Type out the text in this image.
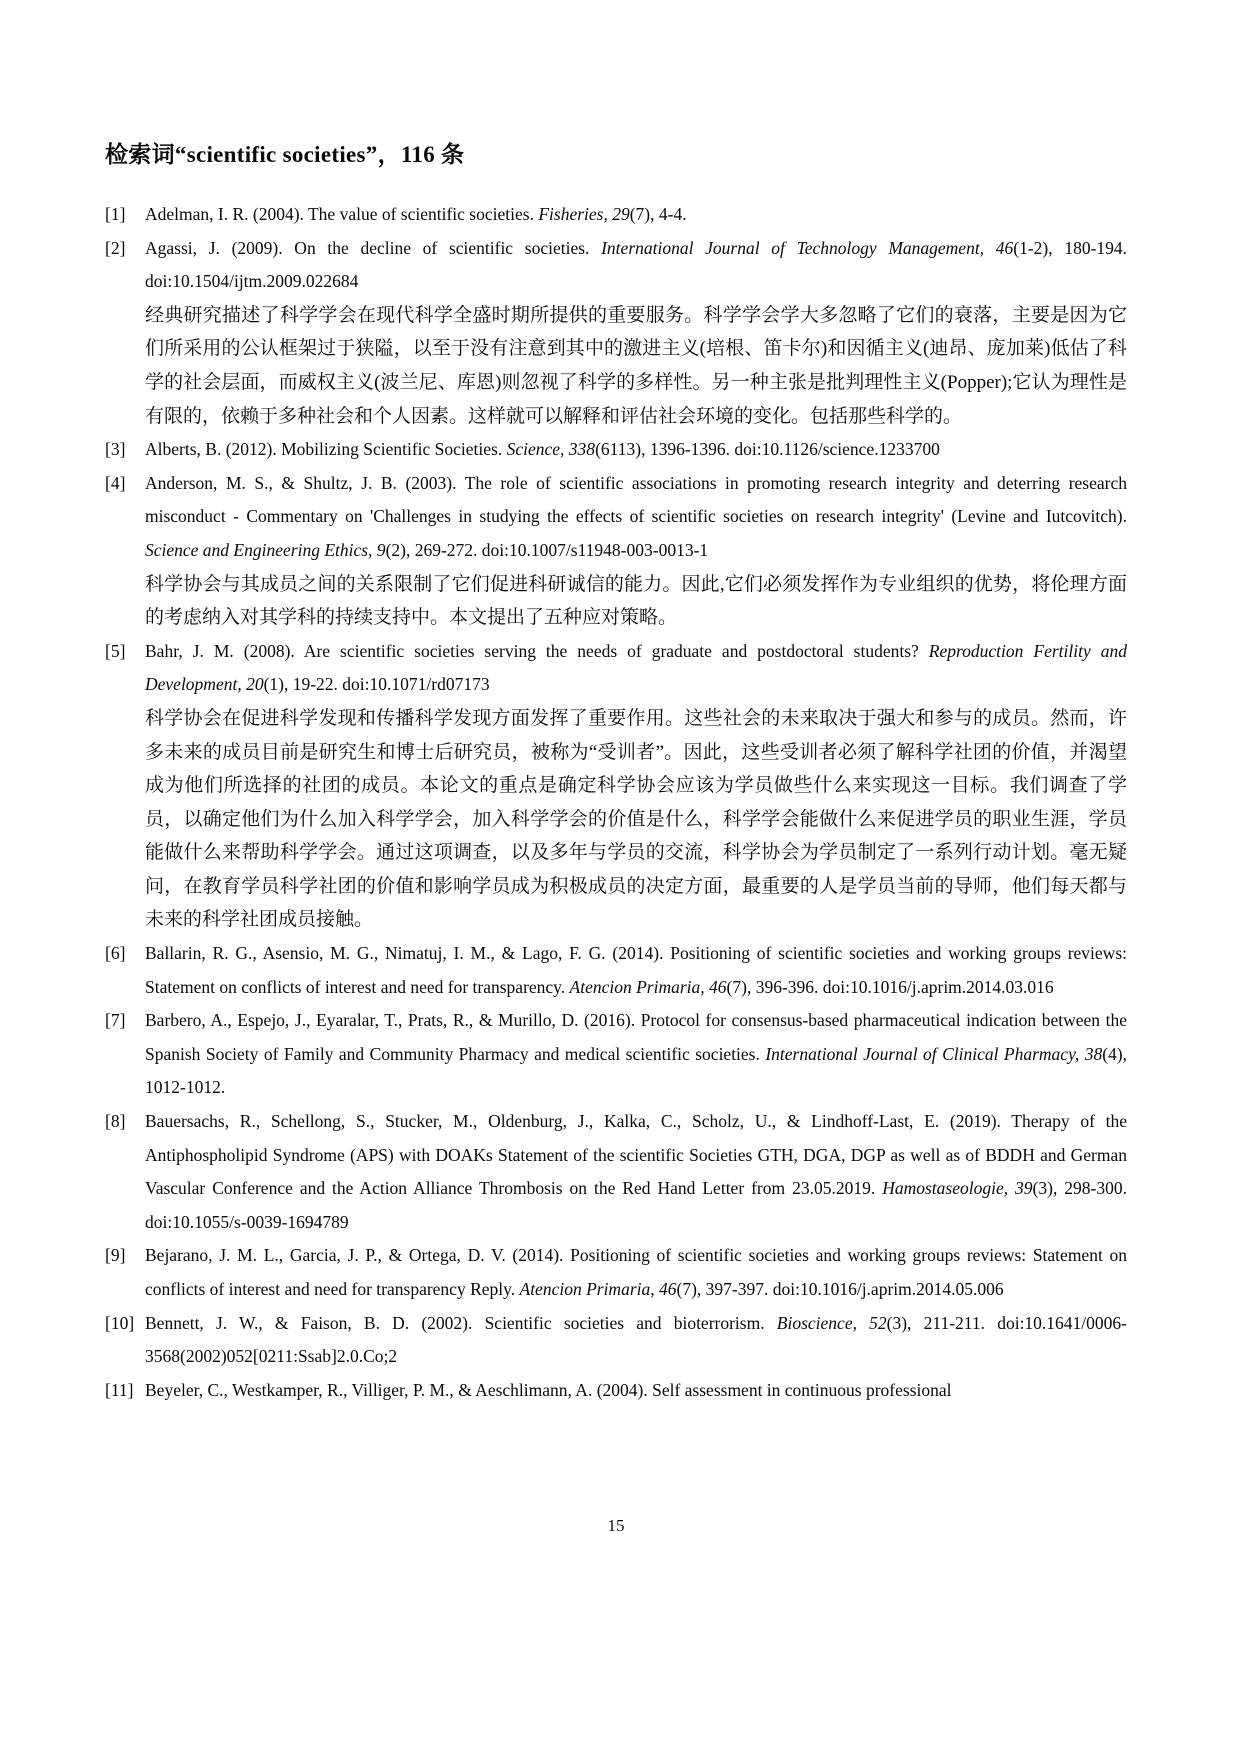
检索词“scientific societies”，116 条
[1] Adelman, I. R. (2004). The value of scientific societies. Fisheries, 29(7), 4-4.
[2] Agassi, J. (2009). On the decline of scientific societies. International Journal of Technology Management, 46(1-2), 180-194. doi:10.1504/ijtm.2009.022684
经典研究描述了科学学会在现代科学全盛时期所提供的重要服务。科学学会学大多忽略了它们的衰落，主要是因为它们所采用的公认框架过于狭隘，以至于没有注意到其中的激进主义(培根、笛卡尔)和因循主义(迪昂、庞加莱)低估了科学的社会层面，而威权主义(波兰尼、库恩)则忽视了科学的多样性。另一种主张是批判理性主义(Popper);它认为理性是有限的，依赖于多种社会和个人因素。这样就可以解释和评估社会环境的变化。包括那些科学的。
[3] Alberts, B. (2012). Mobilizing Scientific Societies. Science, 338(6113), 1396-1396. doi:10.1126/science.1233700
[4] Anderson, M. S., & Shultz, J. B. (2003). The role of scientific associations in promoting research integrity and deterring research misconduct - Commentary on 'Challenges in studying the effects of scientific societies on research integrity' (Levine and Iutcovitch). Science and Engineering Ethics, 9(2), 269-272. doi:10.1007/s11948-003-0013-1
科学协会与其成员之间的关系限制了它们促进科研诚信的能力。因此,它们必须发挥作为专业组织的优势，将伦理方面的考虑纳入对其学科的持续支持中。本文提出了五种应对策略。
[5] Bahr, J. M. (2008). Are scientific societies serving the needs of graduate and postdoctoral students? Reproduction Fertility and Development, 20(1), 19-22. doi:10.1071/rd07173
科学协会在促进科学发现和传播科学发现方面发挥了重要作用。这些社会的未来取决于强大和参与的成员。然而，许多未来的成员目前是研究生和博士后研究员，被称为“受训者”。因此，这些受训者必须了解科学社团的价值，并渴望成为他们所选择的社团的成员。本论文的重点是确定科学协会应该为学员做些什么来实现这一目标。我们调查了学员，以确定他们为什么加入科学学会，加入科学学会的价值是什么，科学学会能做什么来促进学员的职业生涯，学员能做什么来帮助科学学会。通过这项调查，以及多年与学员的交流，科学协会为学员制定了一系列行动计划。毫无疑问，在教育学员科学社团的价值和影响学员成为积极成员的决定方面，最重要的人是学员当前的导师，他们每天都与未来的科学社团成员接触。
[6] Ballarin, R. G., Asensio, M. G., Nimatuj, I. M., & Lago, F. G. (2014). Positioning of scientific societies and working groups reviews: Statement on conflicts of interest and need for transparency. Atencion Primaria, 46(7), 396-396. doi:10.1016/j.aprim.2014.03.016
[7] Barbero, A., Espejo, J., Eyaralar, T., Prats, R., & Murillo, D. (2016). Protocol for consensus-based pharmaceutical indication between the Spanish Society of Family and Community Pharmacy and medical scientific societies. International Journal of Clinical Pharmacy, 38(4), 1012-1012.
[8] Bauersachs, R., Schellong, S., Stucker, M., Oldenburg, J., Kalka, C., Scholz, U., & Lindhoff-Last, E. (2019). Therapy of the Antiphospholipid Syndrome (APS) with DOAKs Statement of the scientific Societies GTH, DGA, DGP as well as of BDDH and German Vascular Conference and the Action Alliance Thrombosis on the Red Hand Letter from 23.05.2019. Hamostaseologie, 39(3), 298-300. doi:10.1055/s-0039-1694789
[9] Bejarano, J. M. L., Garcia, J. P., & Ortega, D. V. (2014). Positioning of scientific societies and working groups reviews: Statement on conflicts of interest and need for transparency Reply. Atencion Primaria, 46(7), 397-397. doi:10.1016/j.aprim.2014.05.006
[10] Bennett, J. W., & Faison, B. D. (2002). Scientific societies and bioterrorism. Bioscience, 52(3), 211-211. doi:10.1641/0006-3568(2002)052[0211:Ssab]2.0.Co;2
[11] Beyeler, C., Westkamper, R., Villiger, P. M., & Aeschlimann, A. (2004). Self assessment in continuous professional
15
